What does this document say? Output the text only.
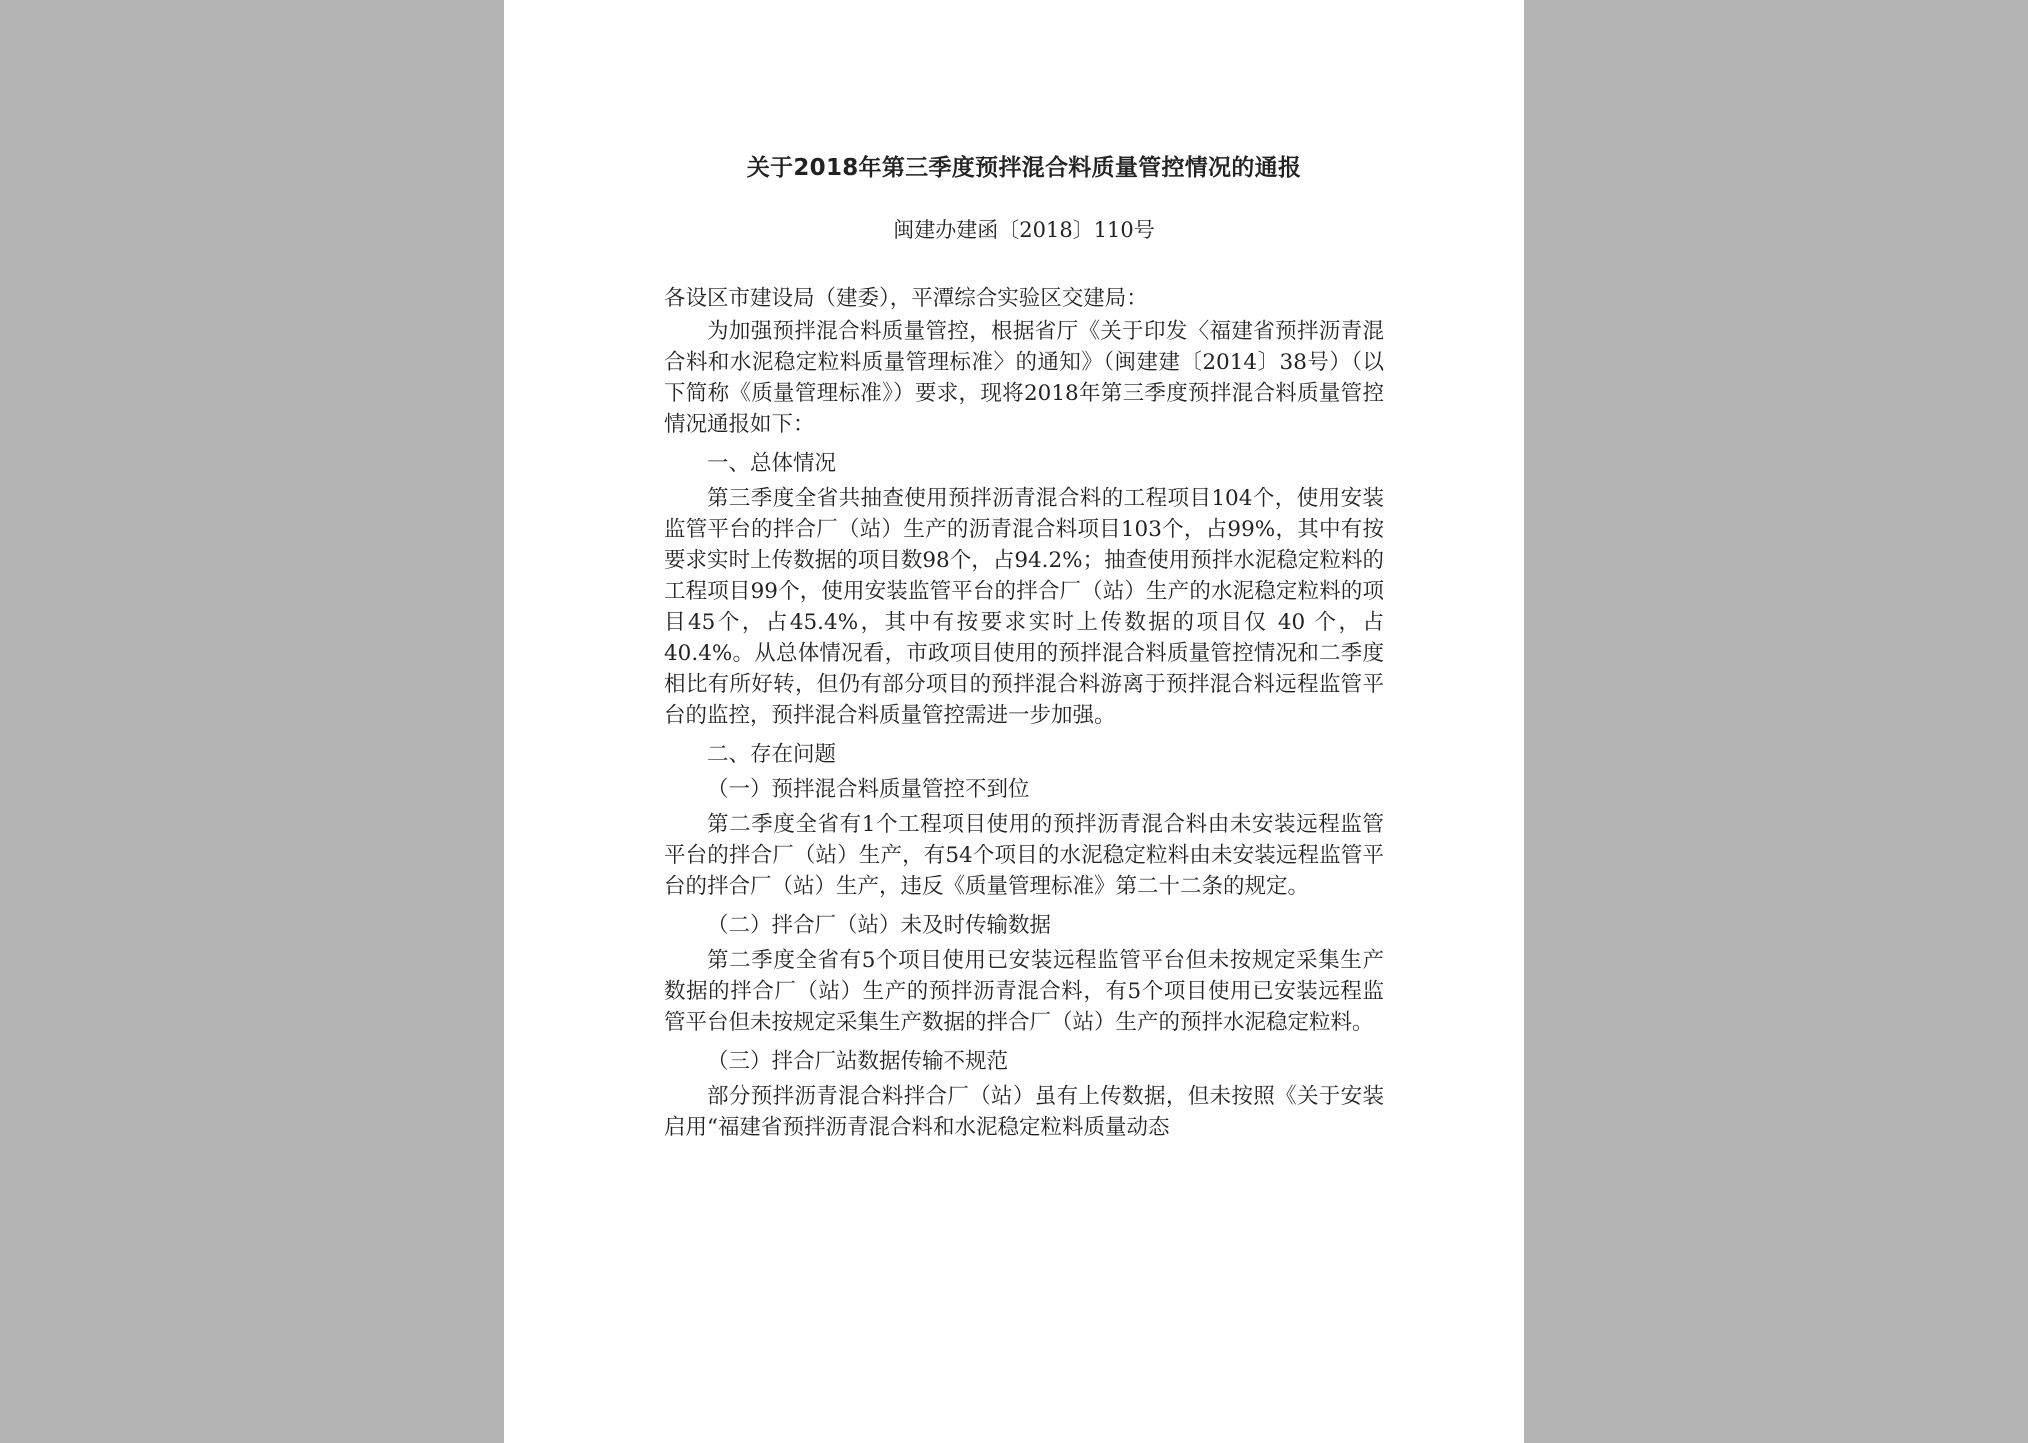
关于2018年第三季度预拌混合料质量管控情况的通报
闽建办建函〔2018〕110号

各设区市建设局（建委），平潭综合实验区交建局：

为加强预拌混合料质量管控，根据省厅《关于印发〈福建省预拌沥青混合料和水泥稳定粒料质量管理标准〉的通知》（闽建建〔2014〕38号）（以下简称《质量管理标准》）要求，现将2018年第三季度预拌混合料质量管控情况通报如下：

一、总体情况

第三季度全省共抽查使用预拌沥青混合料的工程项目104个，使用安装监管平台的拌合厂（站）生产的沥青混合料项目103个，占99%，其中有按要求实时上传数据的项目数98个，占94.2%；抽查使用预拌水泥稳定粒料的工程项目99个，使用安装监管平台的拌合厂（站）生产的水泥稳定粒料的项目45个，占45.4%，其中有按要求实时上传数据的项目仅 40 个，占 40.4%。从总体情况看，市政项目使用的预拌混合料质量管控情况和二季度相比有所好转，但仍有部分项目的预拌混合料游离于预拌混合料远程监管平台的监控，预拌混合料质量管控需进一步加强。

二、存在问题
（一）预拌混合料质量管控不到位

第二季度全省有1个工程项目使用的预拌沥青混合料由未安装远程监管平台的拌合厂（站）生产，有54个项目的水泥稳定粒料由未安装远程监管平台的拌合厂（站）生产，违反《质量管理标准》第二十二条的规定。

（二）拌合厂（站）未及时传输数据

第二季度全省有5个项目使用已安装远程监管平台但未按规定采集生产数据的拌合厂（站）生产的预拌沥青混合料，有5个项目使用已安装远程监管平台但未按规定采集生产数据的拌合厂（站）生产的预拌水泥稳定粒料。

（三）拌合厂站数据传输不规范

部分预拌沥青混合料拌合厂（站）虽有上传数据，但未按照《关于安装启用“福建省预拌沥青混合料和水泥稳定粒料质量动态
